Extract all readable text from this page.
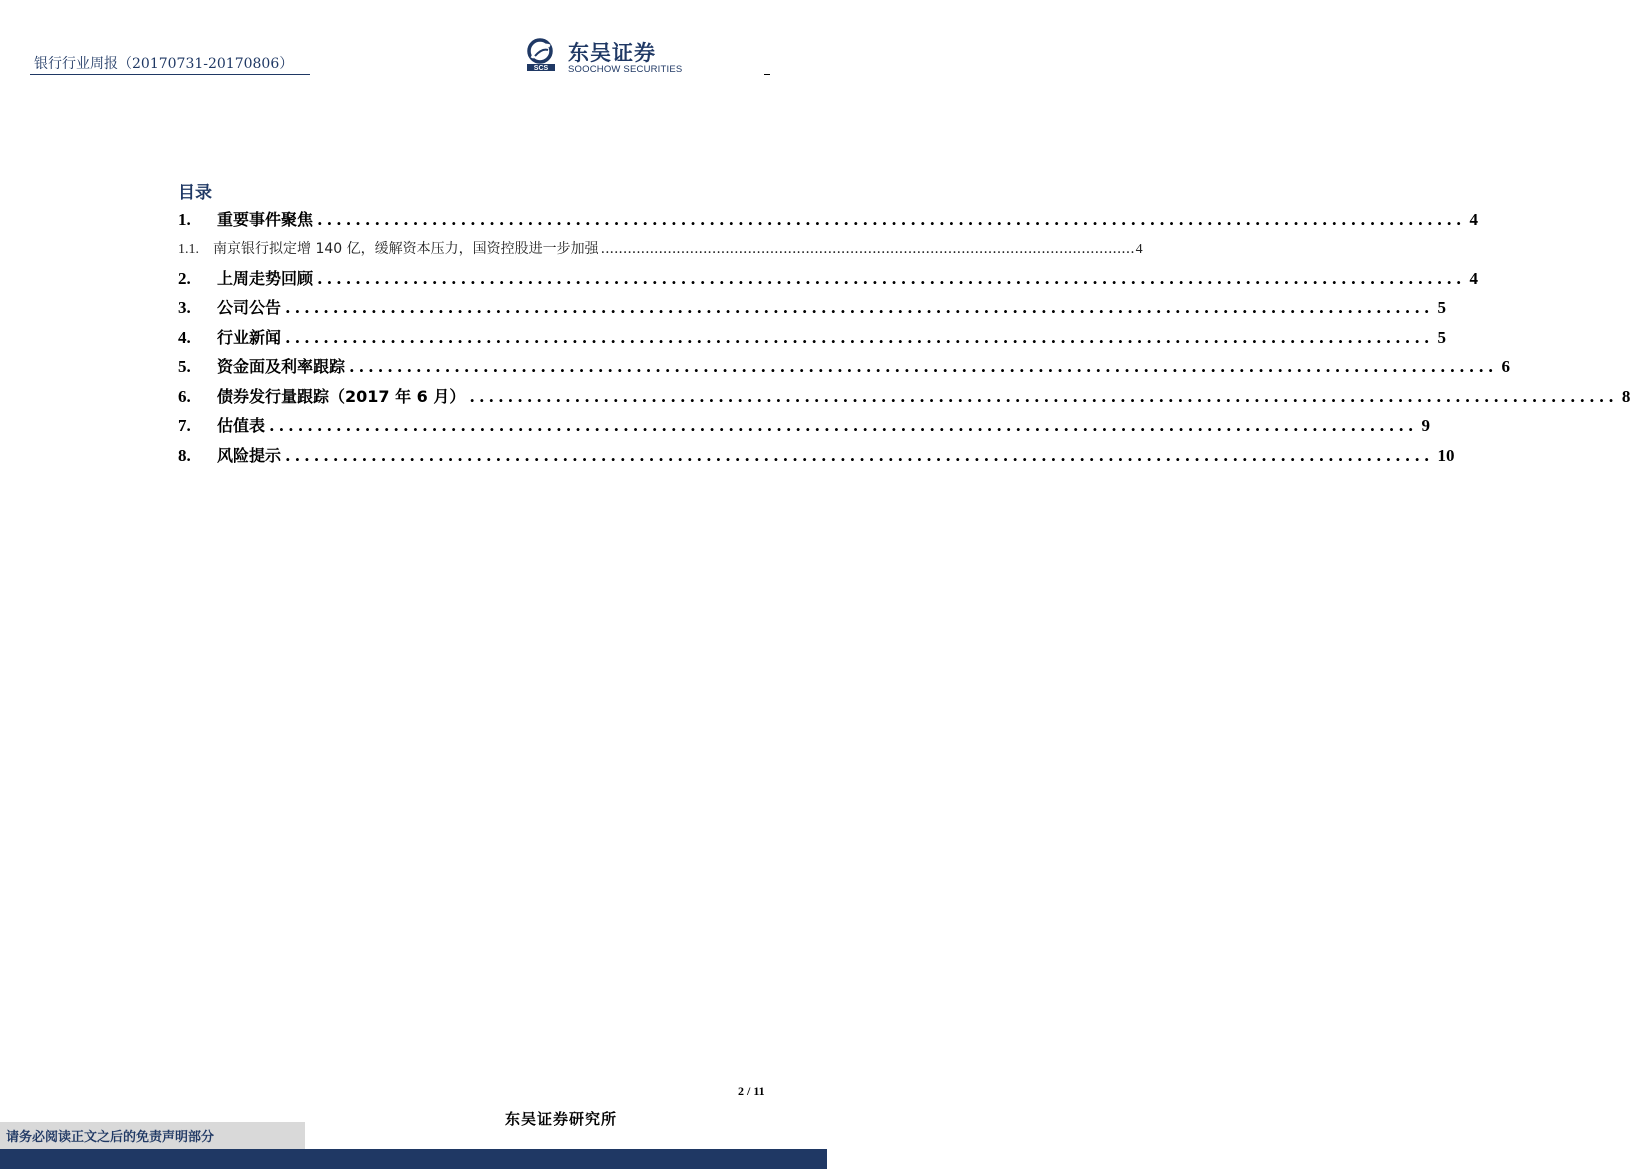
银行行业周报（20170731-20170806）	SCS
东吴证券
SOOCHOW SECURITIES
目录
1.	重要事件聚焦 ........................................................................................................................ 4
1.1.	南京银行拟定增 140 亿，缓解资本压力，国资控股进一步加强 ........................................................................................................................ 4
2.	上周走势回顾 ........................................................................................................................ 4
3.	公司公告 ........................................................................................................................ 5
4.	行业新闻 ........................................................................................................................ 5
5.	资金面及利率跟踪 ........................................................................................................................ 6
6.	债券发行量跟踪（2017 年 6 月） ........................................................................................................................ 8
7.	估值表 ........................................................................................................................ 9
8.	风险提示 ........................................................................................................................ 10
2 / 11
东吴证券研究所
请务必阅读正文之后的免责声明部分
